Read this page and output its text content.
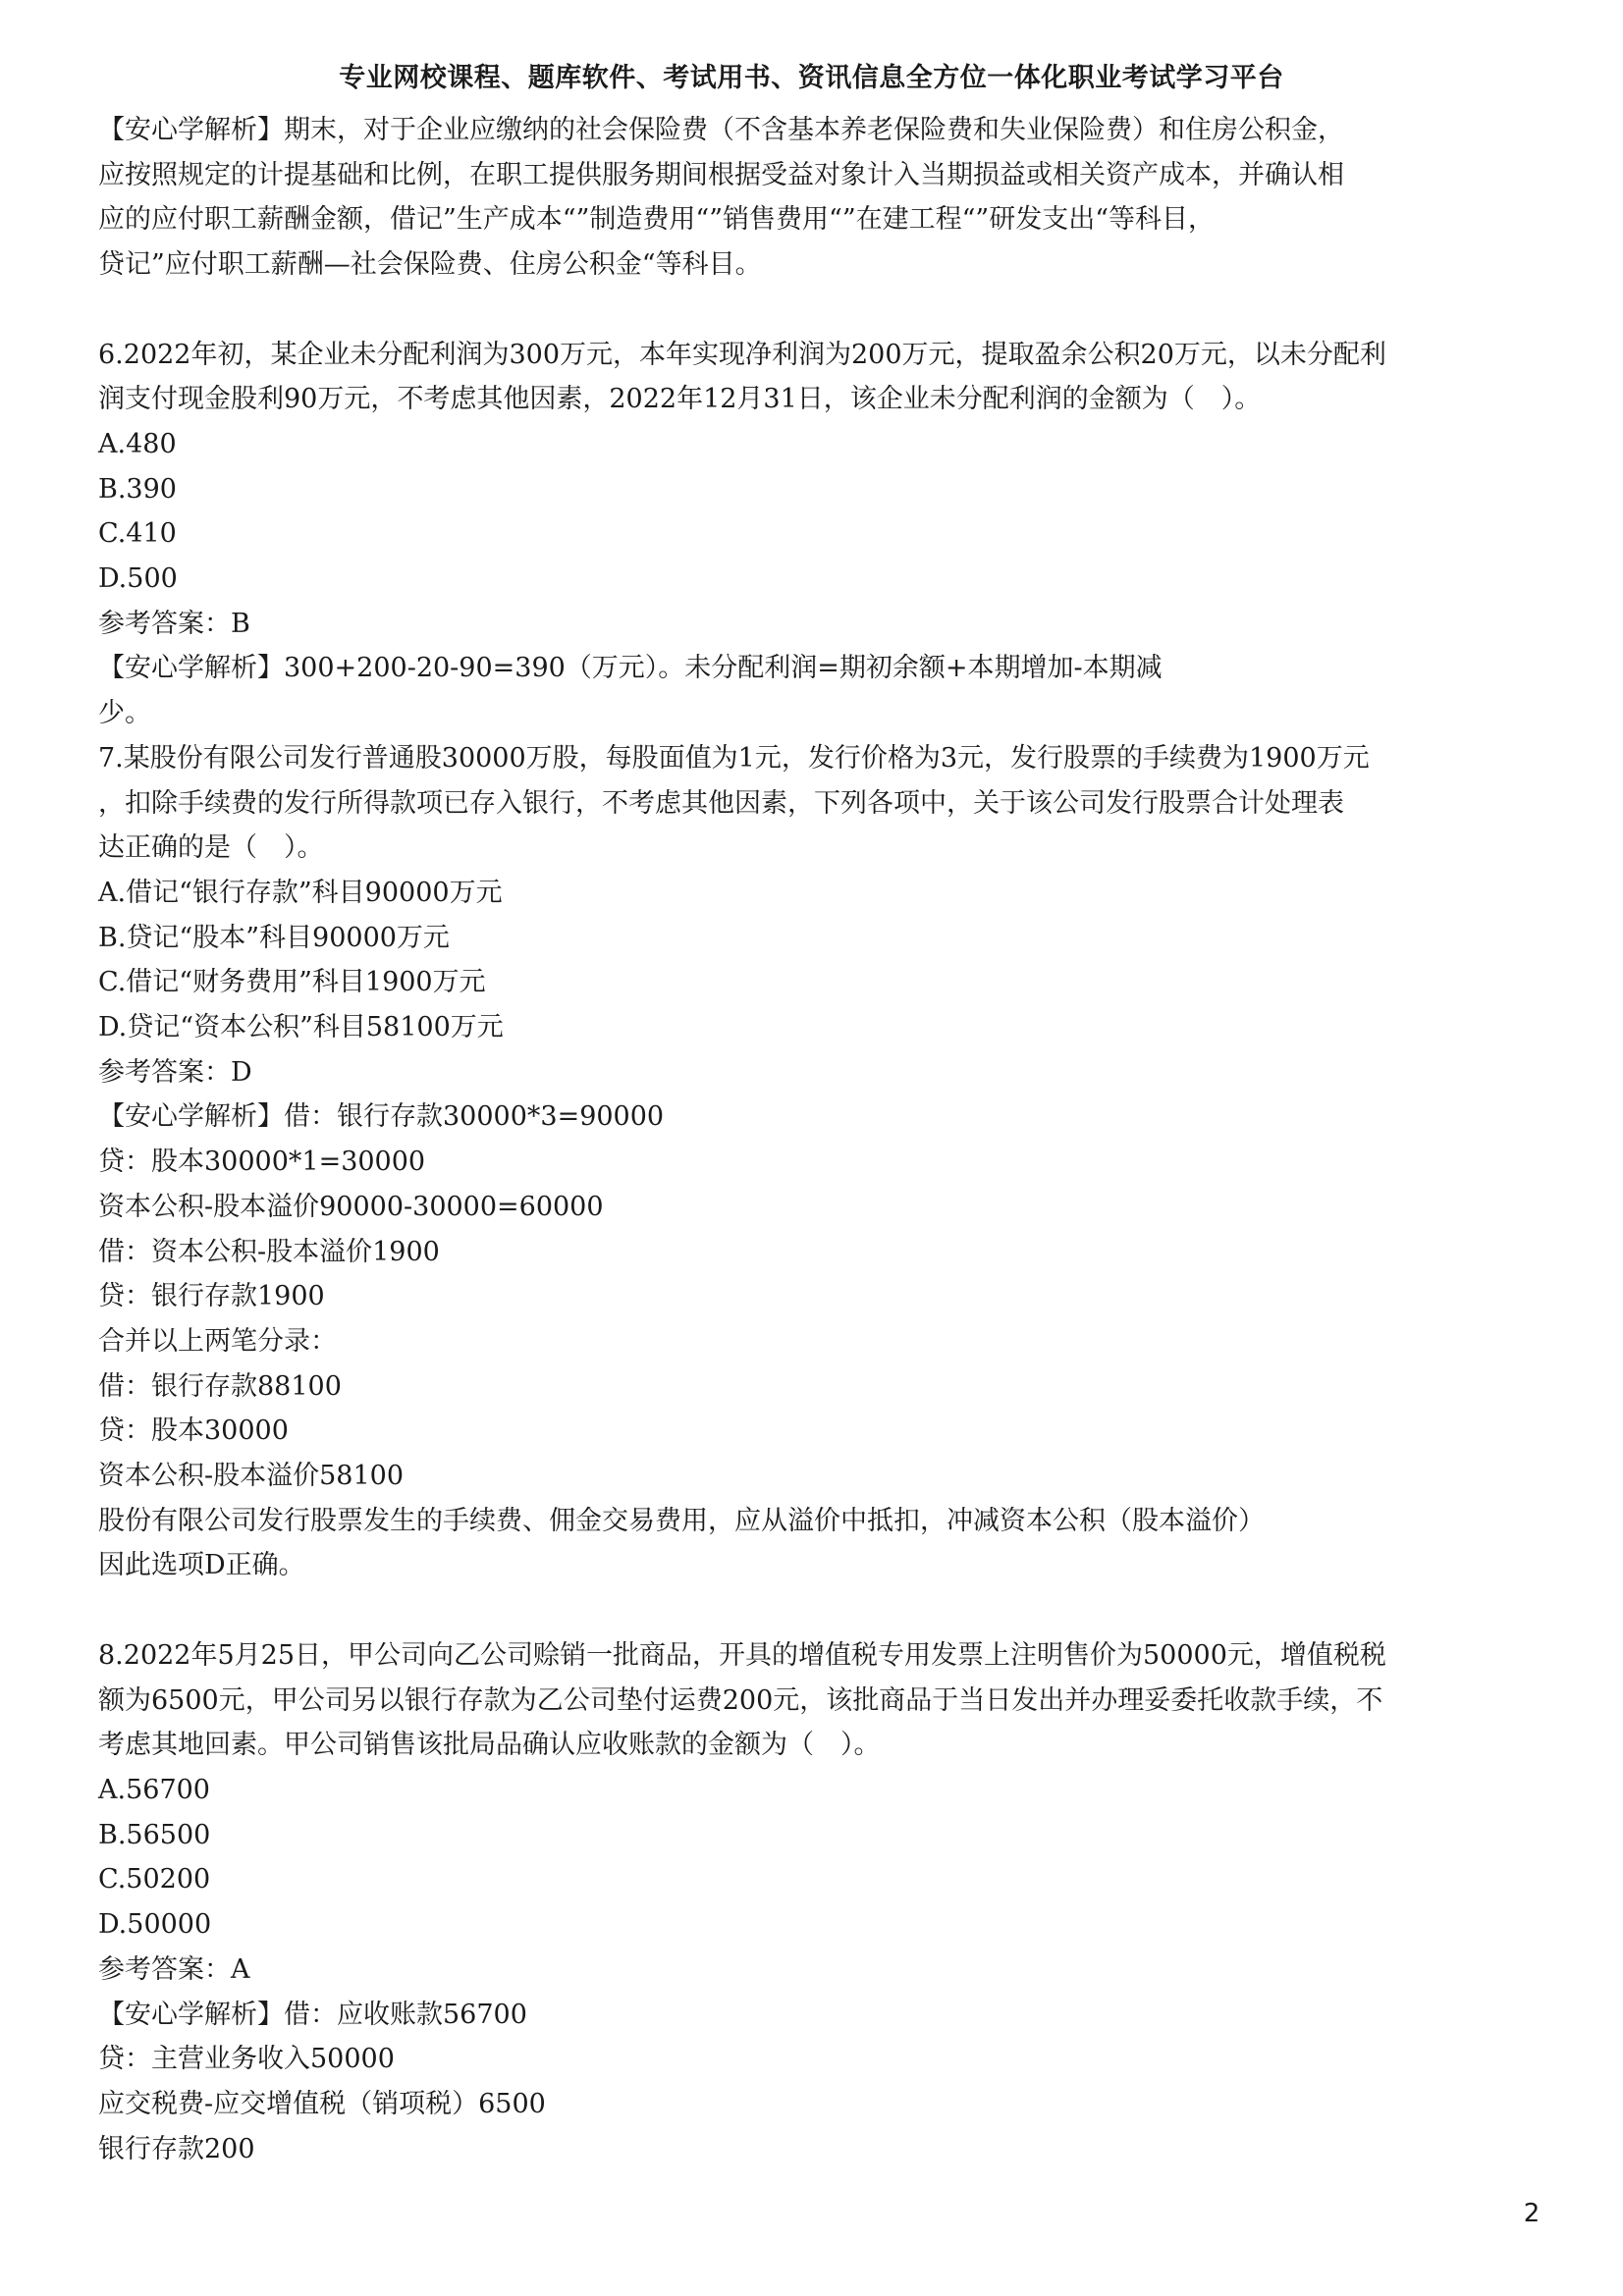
专业网校课程、题库软件、考试用书、资讯信息全方位一体化职业考试学习平台

【安心学解析】期末，对于企业应缴纳的社会保险费（不含基本养老保险费和失业保险费）和住房公积金，

应按照规定的计提基础和比例，在职工提供服务期间根据受益对象计入当期损益或相关资产成本，并确认相

应的应付职工薪酬金额，借记”生产成本“”制造费用“”销售费用“”在建工程“”研发支出“等科目，

贷记”应付职工薪酬—社会保险费、住房公积金“等科目。

6.2022年初，某企业未分配利润为300万元，本年实现净利润为200万元，提取盈余公积20万元，以未分配利

润支付现金股利90万元，不考虑其他因素，2022年12月31日，该企业未分配利润的金额为（　）。

A.480

B.390

C.410

D.500

参考答案：B

【安心学解析】300+200-20-90=390（万元）。未分配利润=期初余额+本期增加-本期减

少。

7.某股份有限公司发行普通股30000万股，每股面值为1元，发行价格为3元，发行股票的手续费为1900万元

，扣除手续费的发行所得款项已存入银行，不考虑其他因素，下列各项中，关于该公司发行股票合计处理表

达正确的是（　）。

A.借记“银行存款”科目90000万元

B.贷记“股本”科目90000万元

C.借记“财务费用”科目1900万元

D.贷记“资本公积”科目58100万元

参考答案：D

【安心学解析】借：银行存款30000*3=90000

贷：股本30000*1=30000

资本公积-股本溢价90000-30000=60000

借：资本公积-股本溢价1900

贷：银行存款1900

合并以上两笔分录：

借：银行存款88100

贷：股本30000

资本公积-股本溢价58100

股份有限公司发行股票发生的手续费、佣金交易费用，应从溢价中抵扣，冲减资本公积（股本溢价）

因此选项D正确。

8.2022年5月25日，甲公司向乙公司赊销一批商品，开具的增值税专用发票上注明售价为50000元，增值税税

额为6500元，甲公司另以银行存款为乙公司垫付运费200元，该批商品于当日发出并办理妥委托收款手续，不

考虑其地回素。甲公司销售该批局品确认应收账款的金额为（　）。

A.56700

B.56500

C.50200

D.50000

参考答案：A

【安心学解析】借：应收账款56700

贷：主营业务收入50000

应交税费-应交增值税（销项税）6500

银行存款200

2
